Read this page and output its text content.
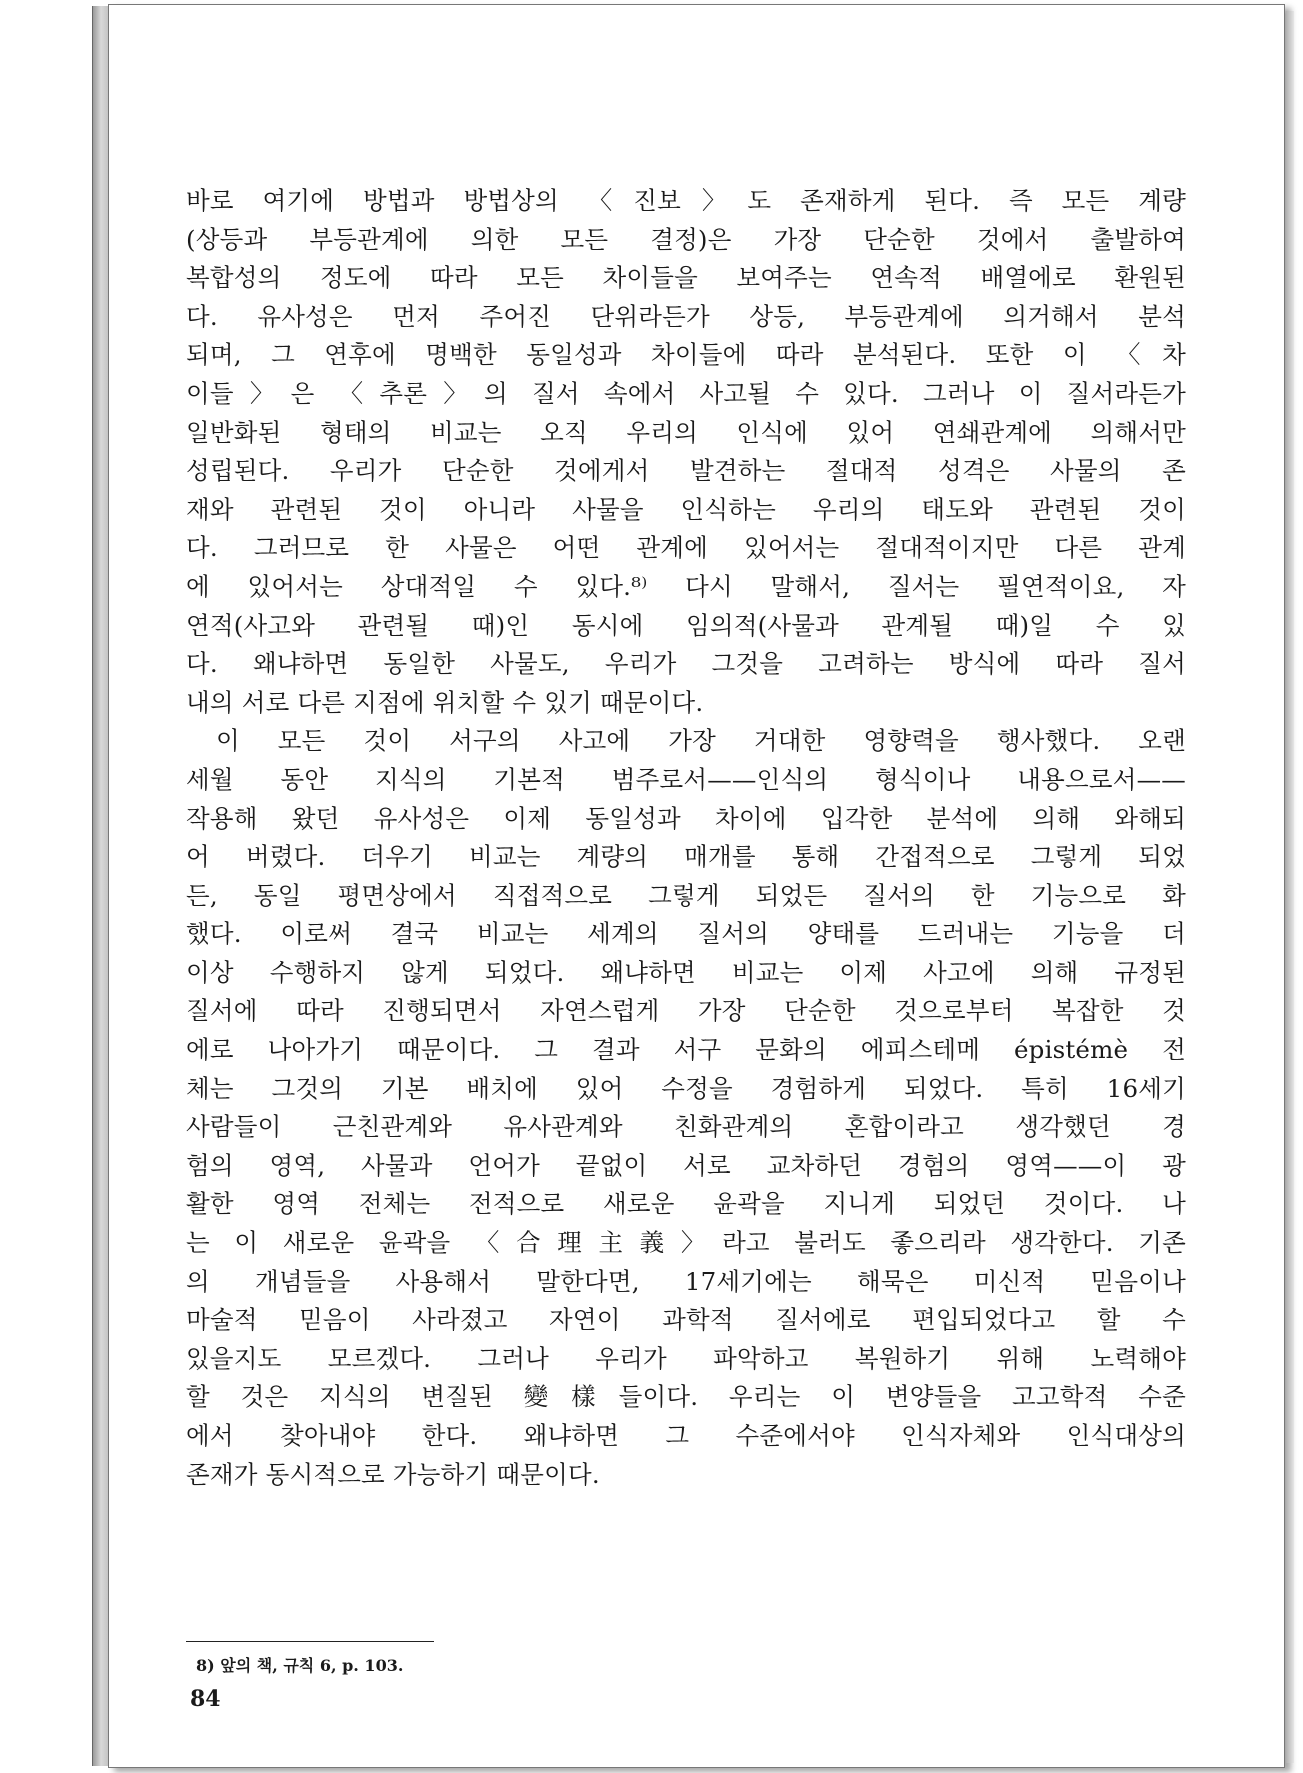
바로 여기에 방법과 방법상의 〈진보〉도 존재하게 된다. 즉 모든 계량
(상등과 부등관계에 의한 모든 결정)은 가장 단순한 것에서 출발하여
복합성의 정도에 따라 모든 차이들을 보여주는 연속적 배열에로 환원된
다. 유사성은 먼저 주어진 단위라든가 상등, 부등관계에 의거해서 분석
되며, 그 연후에 명백한 동일성과 차이들에 따라 분석된다. 또한 이 〈차
이들〉은 〈추론〉의 질서 속에서 사고될 수 있다. 그러나 이 질서라든가
일반화된 형태의 비교는 오직 우리의 인식에 있어 연쇄관계에 의해서만
성립된다. 우리가 단순한 것에게서 발견하는 절대적 성격은 사물의 존
재와 관련된 것이 아니라 사물을 인식하는 우리의 태도와 관련된 것이
다. 그러므로 한 사물은 어떤 관계에 있어서는 절대적이지만 다른 관계
에 있어서는 상대적일 수 있다.⁸⁾ 다시 말해서, 질서는 필연적이요, 자
연적(사고와 관련될 때)인 동시에 임의적(사물과 관계될 때)일 수 있
다. 왜냐하면 동일한 사물도, 우리가 그것을 고려하는 방식에 따라 질서
내의 서로 다른 지점에 위치할 수 있기 때문이다.
이 모든 것이 서구의 사고에 가장 거대한 영향력을 행사했다. 오랜
세월 동안 지식의 기본적 범주로서——인식의 형식이나 내용으로서——
작용해 왔던 유사성은 이제 동일성과 차이에 입각한 분석에 의해 와해되
어 버렸다. 더우기 비교는 계량의 매개를 통해 간접적으로 그렇게 되었
든, 동일 평면상에서 직접적으로 그렇게 되었든 질서의 한 기능으로 화
했다. 이로써 결국 비교는 세계의 질서의 양태를 드러내는 기능을 더
이상 수행하지 않게 되었다. 왜냐하면 비교는 이제 사고에 의해 규정된
질서에 따라 진행되면서 자연스럽게 가장 단순한 것으로부터 복잡한 것
에로 나아가기 때문이다. 그 결과 서구 문화의 에피스테메 épistémè 전
체는 그것의 기본 배치에 있어 수정을 경험하게 되었다. 특히 16세기
사람들이 근친관계와 유사관계와 친화관계의 혼합이라고 생각했던 경
험의 영역, 사물과 언어가 끝없이 서로 교차하던 경험의 영역——이 광
활한 영역 전체는 전적으로 새로운 윤곽을 지니게 되었던 것이다. 나
는 이 새로운 윤곽을 〈合理主義〉라고 불러도 좋으리라 생각한다. 기존
의 개념들을 사용해서 말한다면, 17세기에는 해묵은 미신적 믿음이나
마술적 믿음이 사라졌고 자연이 과학적 질서에로 편입되었다고 할 수
있을지도 모르겠다. 그러나 우리가 파악하고 복원하기 위해 노력해야
할 것은 지식의 변질된 變樣들이다. 우리는 이 변양들을 고고학적 수준
에서 찾아내야 한다. 왜냐하면 그 수준에서야 인식자체와 인식대상의
존재가 동시적으로 가능하기 때문이다.
8) 앞의 책, 규칙 6, p. 103.
84
